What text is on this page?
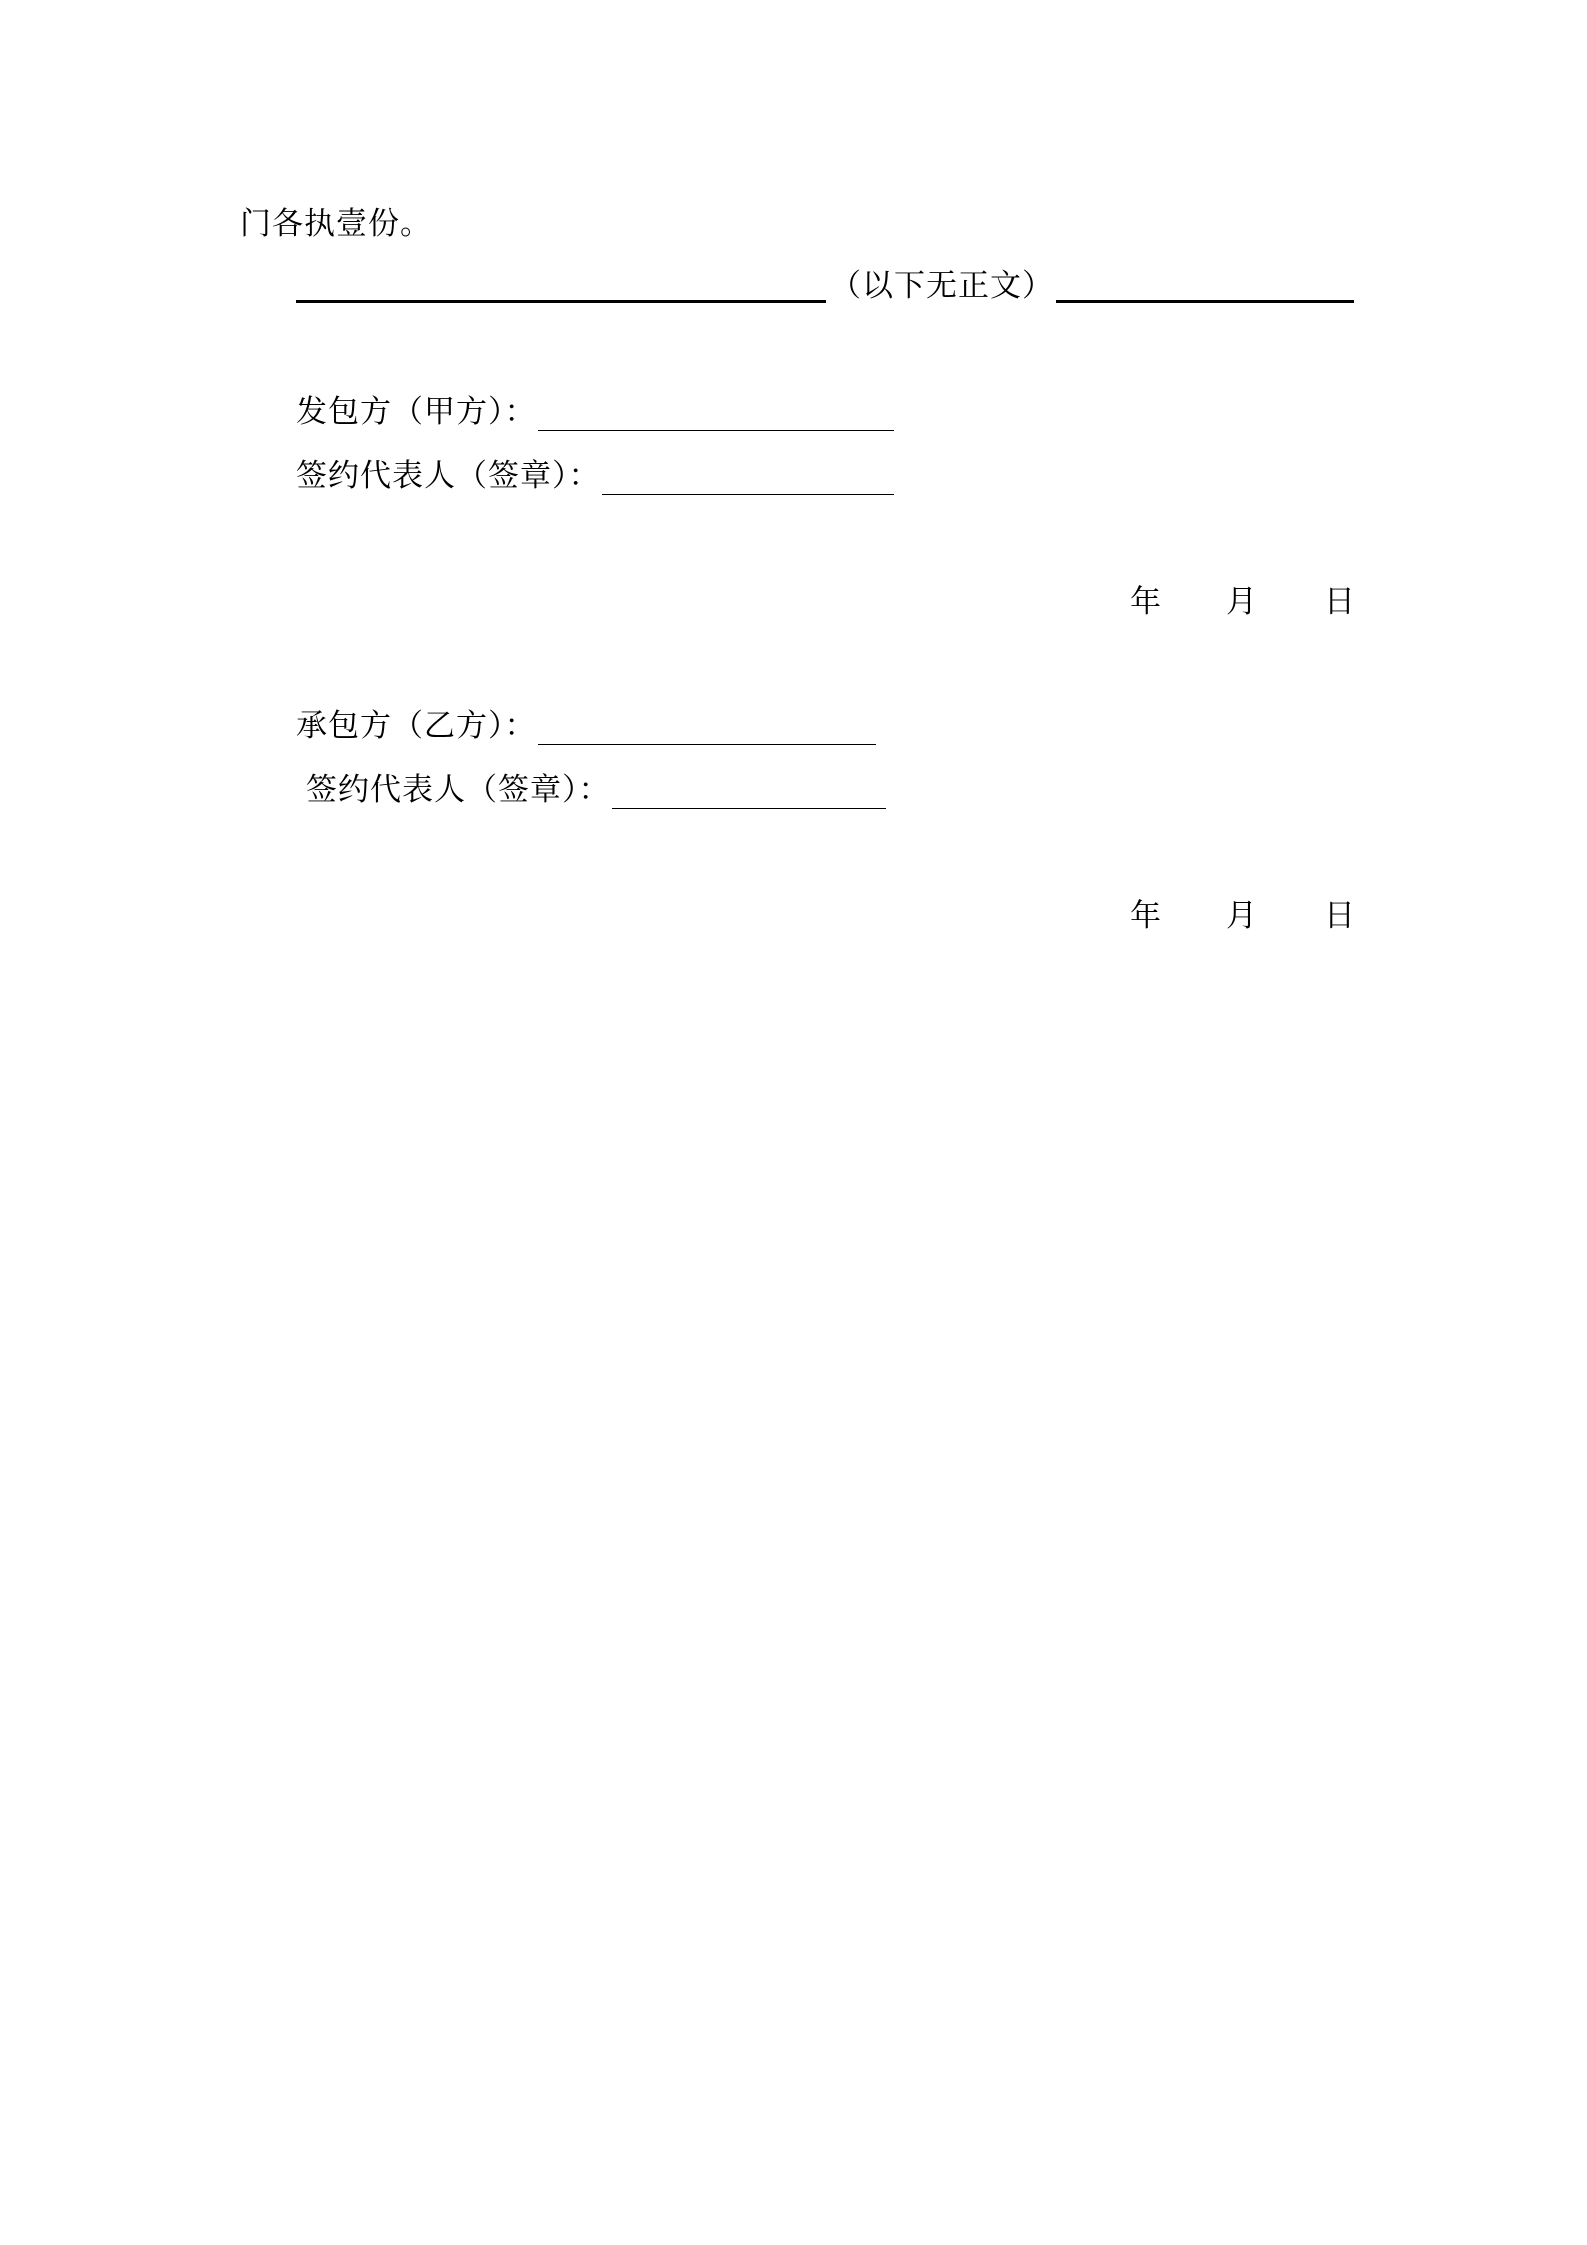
门各执壹份。
（以下无正文）
发包方（甲方）：
签约代表人（签章）：
年 月 日
承包方（乙方）：
签约代表人（签章）：
年 月 日
